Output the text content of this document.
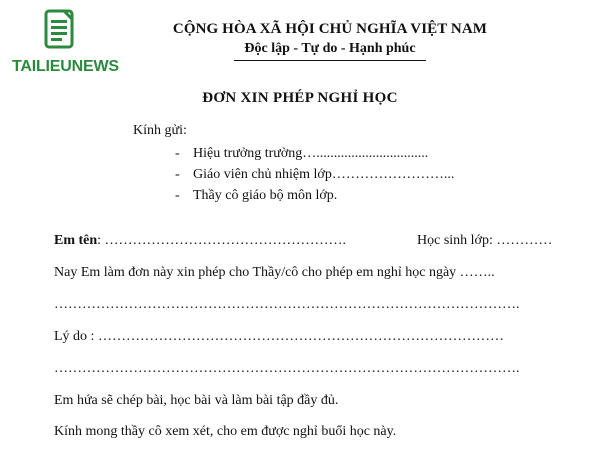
TAILIEUNEWS
CỘNG HÒA XÃ HỘI CHỦ NGHĨA VIỆT NAM
Độc lập - Tự do - Hạnh phúc
ĐƠN XIN PHÉP NGHỈ HỌC
Kính gửi:
- Hiệu trưởng trường…................................
- Giáo viên chủ nhiệm lớp……………………...
- Thầy cô giáo bộ môn lớp.
Em tên: …………………………………………….	Học sinh lớp: …………
Nay Em làm đơn này xin phép cho Thầy/cô cho phép em nghỉ học ngày ……..
……………………………………………………………………………………….
Lý do : ……………………………………………………………………………
……………………………………………………………………………………….
Em hứa sẽ chép bài, học bài và làm bài tập đầy đủ.
Kính mong thầy cô xem xét, cho em được nghỉ buổi học này.
